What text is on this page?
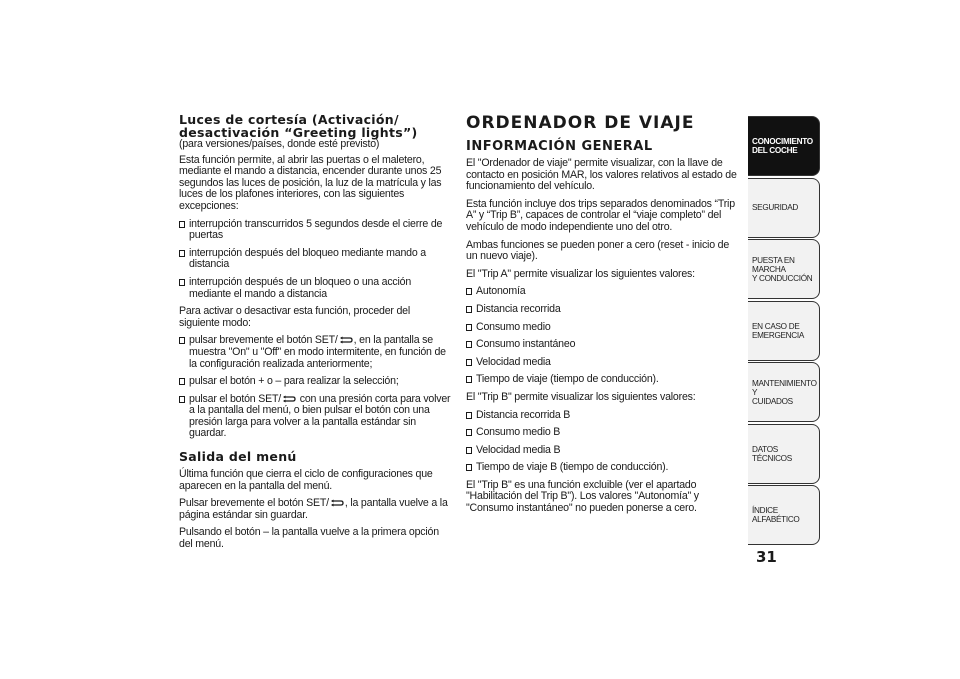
Luces de cortesía (Activación/
desactivación “Greeting lights”)

(para versiones/países, donde esté previsto)

Esta función permite, al abrir las puertas o el maletero, mediante el mando a distancia, encender durante unos 25 segundos las luces de posición, la luz de la matrícula y las luces de los plafones interiores, con las siguientes excepciones:

interrupción transcurridos 5 segundos desde el cierre de puertas
interrupción después del bloqueo mediante mando a distancia
interrupción después de un bloqueo o una acción mediante el mando a distancia

Para activar o desactivar esta función, proceder del siguiente modo:

pulsar brevemente el botón SET/ , en la pantalla se muestra "On" u "Off" en modo intermitente, en función de la configuración realizada anteriormente;
pulsar el botón + o – para realizar la selección;
pulsar el botón SET/ con una presión corta para volver a la pantalla del menú, o bien pulsar el botón con una presión larga para volver a la pantalla estándar sin guardar.
Salida del menú

Última función que cierra el ciclo de configuraciones que aparecen en la pantalla del menú.

Pulsar brevemente el botón SET/ , la pantalla vuelve a la página estándar sin guardar.

Pulsando el botón – la pantalla vuelve a la primera opción del menú.

ORDENADOR DE VIAJE
INFORMACIÓN GENERAL

El "Ordenador de viaje" permite visualizar, con la llave de contacto en posición MAR, los valores relativos al estado de funcionamiento del vehículo.

Esta función incluye dos trips separados denominados “Trip A” y “Trip B”, capaces de controlar el “viaje completo” del vehículo de modo independiente uno del otro.

Ambas funciones se pueden poner a cero (reset - inicio de un nuevo viaje).

El "Trip A" permite visualizar los siguientes valores:

Autonomía
Distancia recorrida
Consumo medio
Consumo instantáneo
Velocidad media
Tiempo de viaje (tiempo de conducción).

El "Trip B" permite visualizar los siguientes valores:

Distancia recorrida B
Consumo medio B
Velocidad media B
Tiempo de viaje B (tiempo de conducción).

El "Trip B" es una función excluible (ver el apartado "Habilitación del Trip B"). Los valores "Autonomía" y "Consumo instantáneo" no pueden ponerse a cero.

CONOCIMIENTO
DEL COCHE
SEGURIDAD

PUESTA EN MARCHA
Y CONDUCCIÓN
EN CASO DE
EMERGENCIA
MANTENIMIENTO Y
CUIDADOS
DATOS TÉCNICOS

ÍNDICE ALFABÉTICO

31
